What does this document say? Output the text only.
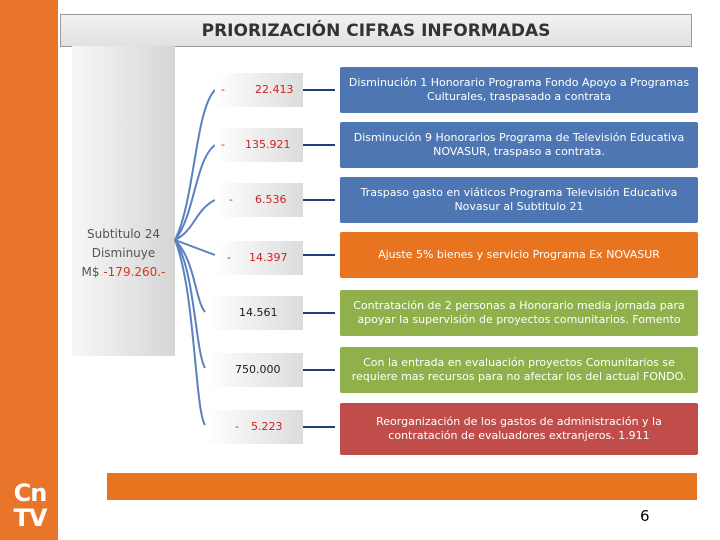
Cn
TV
PRIORIZACIÓN CIFRAS INFORMADAS
Subtitulo 24
Disminuye
M$ -179.260.-
-	22.413
- 135.921
- 6.536
- 14.397
14.561
750.000
- 5.223
Disminución 1 Honorario Programa Fondo Apoyo a Programas Culturales, traspasado a contrata
Disminución 9 Honorarios Programa de Televisión Educativa NOVASUR, traspaso a contrata.
Traspaso gasto en viáticos Programa Televisión Educativa Novasur al Subtitulo 21
Ajuste 5% bienes y servicio Programa Ex NOVASUR
Contratación de 2 personas a Honorario media jornada para apoyar la supervisión de proyectos comunitarios. Fomento
Con la entrada en evaluación proyectos Comunitarios se requiere mas recursos para no afectar los del actual FONDO.
Reorganización de los gastos de administración y la contratación de evaluadores extranjeros. 1.911
6
